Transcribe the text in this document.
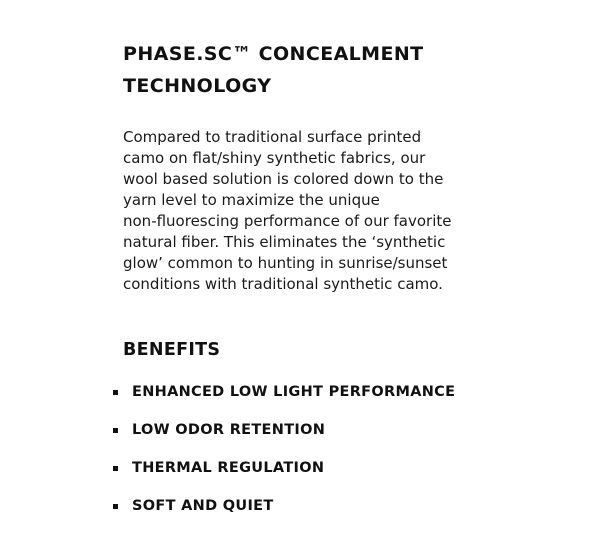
PHASE.SC™ CONCEALMENT
TECHNOLOGY

Compared to traditional surface printed
camo on flat/shiny synthetic fabrics, our
wool based solution is colored down to the
yarn level to maximize the unique
non-fluorescing performance of our favorite
natural fiber. This eliminates the ‘synthetic
glow’ common to hunting in sunrise/sunset
conditions with traditional synthetic camo.

BENEFITS
ENHANCED LOW LIGHT PERFORMANCE
LOW ODOR RETENTION
THERMAL REGULATION
SOFT AND QUIET
